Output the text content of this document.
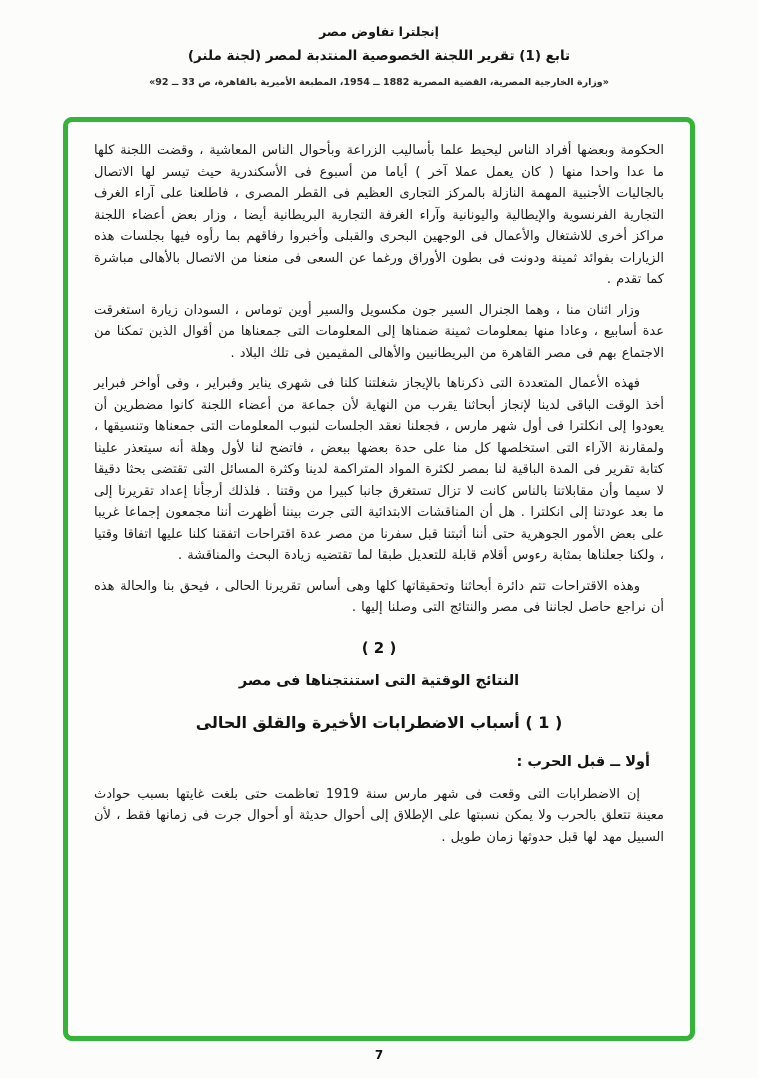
إنجلترا تفاوض مصر
تابع (1) تقرير اللجنة الخصوصية المنتدبة لمصر (لجنة ملنر)
«وزارة الخارجية المصرية، القضية المصرية 1882 ــ 1954، المطبعة الأميرية بالقاهرة، ص 33 ــ 92»

الحكومة وبعضها أفراد الناس ليحيط علما بأساليب الزراعة وبأحوال الناس المعاشية ، وقضت اللجنة كلها ما عدا واحدا منها ( كان يعمل عملا آخر ) أياما من أسبوع فى الأسكندرية حيث تيسر لها الاتصال بالجاليات الأجنبية المهمة النازلة بالمركز التجارى العظيم فى القطر المصرى ، فاطلعنا على آراء الغرف التجارية الفرنسوية والإيطالية واليونانية وآراء الغرفة التجارية البريطانية أيضا ، وزار بعض أعضاء اللجنة مراكز أخرى للاشتغال والأعمال فى الوجهين البحرى والقبلى وأخبروا رفاقهم بما رأوه فيها بجلسات هذه الزيارات بفوائد ثمينة ودونت فى بطون الأوراق ورغما عن السعى فى منعنا من الاتصال بالأهالى مباشرة كما تقدم .

وزار اثنان منا ، وهما الجنرال السير جون مكسويل والسير أوين توماس ، السودان زيارة استغرقت عدة أسابيع ، وعادا منها بمعلومات ثمينة ضمناها إلى المعلومات التى جمعناها من أقوال الذين تمكنا من الاجتماع بهم فى مصر القاهرة من البريطانيين والأهالى المقيمين فى تلك البلاد .

فهذه الأعمال المتعددة التى ذكرناها بالإيجاز شغلتنا كلنا فى شهرى يناير وفبراير ، وفى أواخر فبراير أخذ الوقت الباقى لدينا لإنجاز أبحاثنا يقرب من النهاية لأن جماعة من أعضاء اللجنة كانوا مضطرين أن يعودوا إلى انكلترا فى أول شهر مارس ، فجعلنا نعقد الجلسات لنبوب المعلومات التى جمعناها وتنسيقها ، ولمقارنة الآراء التى استخلصها كل منا على حدة بعضها ببعض ، فاتضح لنا لأول وهلة أنه سيتعذر علينا كتابة تقرير فى المدة الباقية لنا بمصر لكثرة المواد المتراكمة لدينا وكثرة المسائل التى تقتضى بحثا دقيقا لا سيما وأن مقابلاتنا بالناس كانت لا تزال تستغرق جانبا كبيرا من وقتنا . فلذلك أرجأنا إعداد تقريرنا إلى ما بعد عودتنا إلى انكلترا . هل أن المناقشات الابتدائية التى جرت بيننا أظهرت أننا مجمعون إجماعا غريبا على بعض الأمور الجوهرية حتى أننا أثبتنا قبل سفرنا من مصر عدة اقتراحات اتفقنا كلنا عليها اتفاقا وقتيا ، ولكنا جعلناها بمثابة رءوس أقلام قابلة للتعديل طبقا لما تقتضيه زيادة البحث والمناقشة .

وهذه الاقتراحات تتم دائرة أبحاثنا وتحقيقاتها كلها وهى أساس تقريرنا الحالى ، فيحق بنا والحالة هذه أن نراجع حاصل لجاننا فى مصر والنتائج التى وصلنا إليها .

( 2 )
النتائج الوقتية التى استنتجناها فى مصر
( 1 ) أسباب الاضطرابات الأخيرة والقلق الحالى
أولا ــ قبل الحرب :

إن الاضطرابات التى وقعت فى شهر مارس سنة 1919 تعاظمت حتى بلغت غايتها بسبب حوادث معينة تتعلق بالحرب ولا يمكن نسبتها على الإطلاق إلى أحوال حديثة أو أحوال جرت فى زمانها فقط ، لأن السبيل مهد لها قبل حدوثها زمان طويل .

7
